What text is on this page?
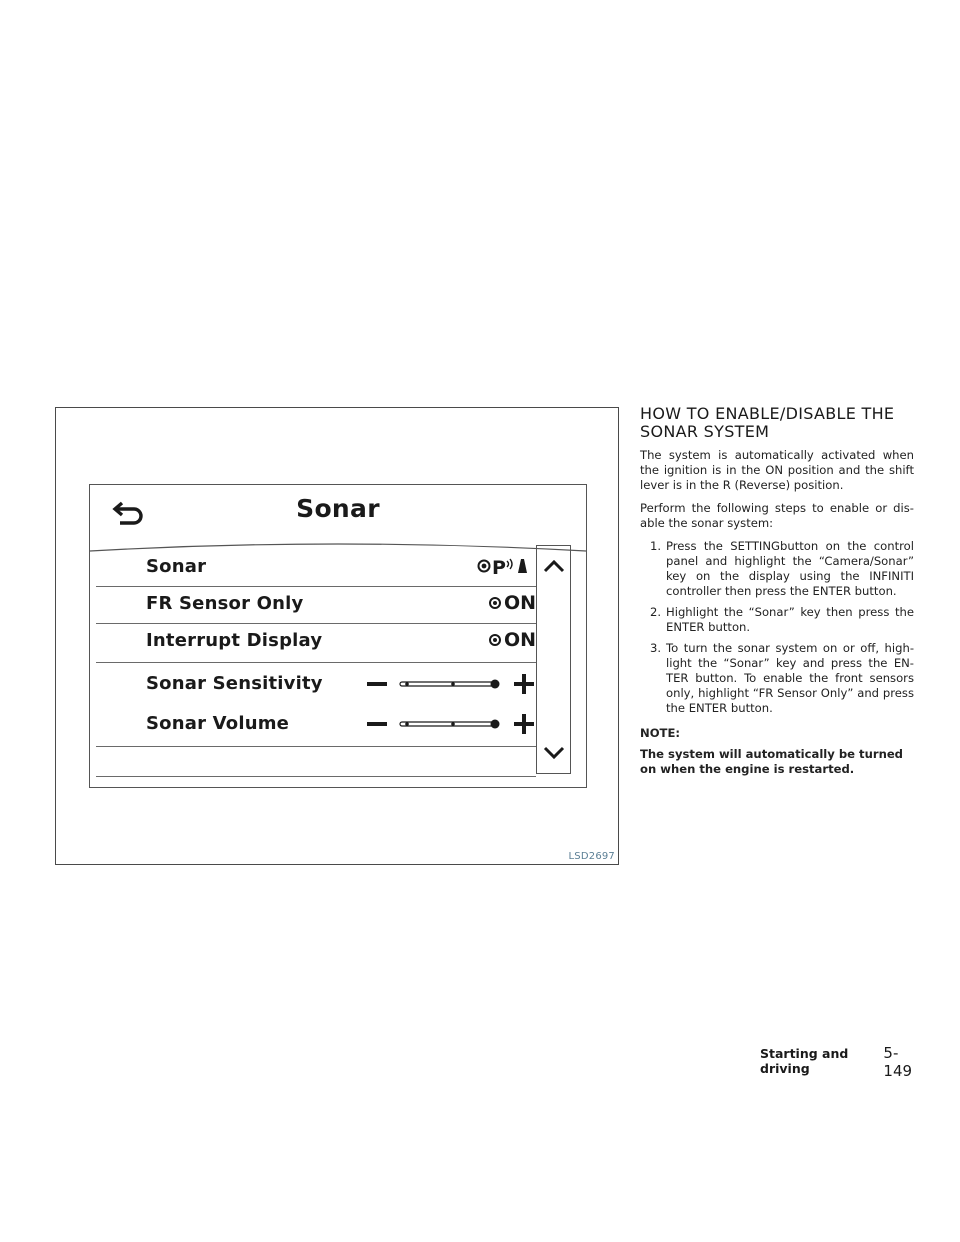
Sonar
Sonar	P
FR Sensor Only	ON
Interrupt Display	ON
Sonar Sensitivity
Sonar Volume
LSD2697
HOW TO ENABLE/DISABLE THE SONAR SYSTEM

The system is automatically activated when the ignition is in the ON position and the shift lever is in the R (Reverse) position.

Perform the following steps to enable or dis- able the sonar system:

1. Press the SETTINGbutton on the control panel and highlight the “Camera/Sonar” key on the display using the INFINITI controller then press the ENTER button.
2. Highlight the “Sonar” key then press the ENTER button.
3. To turn the sonar system on or off, high- light the “Sonar” key and press the EN- TER button. To enable the front sensors only, highlight “FR Sensor Only” and press the ENTER button.

NOTE:

The system will automatically be turned on when the engine is restarted.

Starting and driving
5-149
